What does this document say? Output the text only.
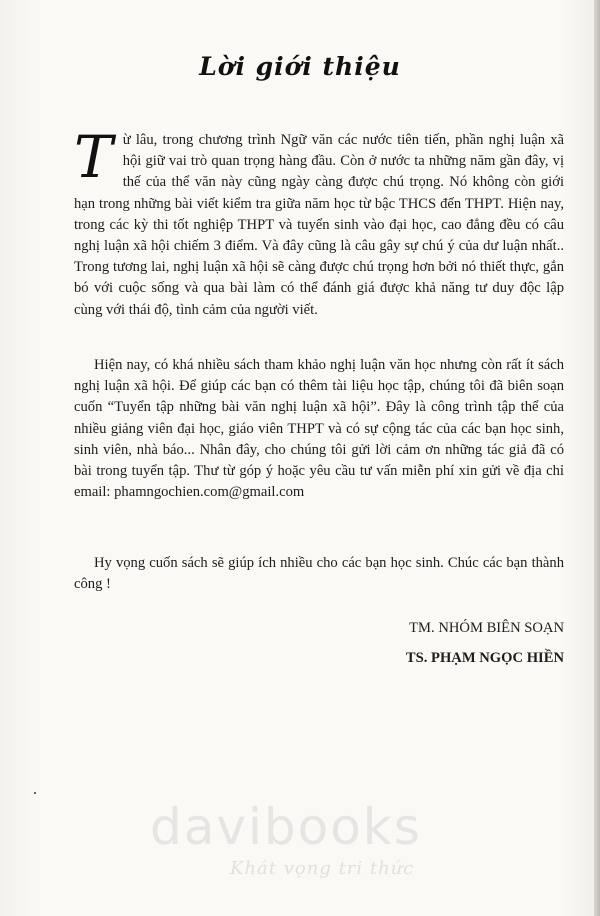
Lời giới thiệu

Từ lâu, trong chương trình Ngữ văn các nước tiên tiến, phần nghị luận xã hội giữ vai trò quan trọng hàng đầu. Còn ở nước ta những năm gần đây, vị thế của thể văn này cũng ngày càng được chú trọng. Nó không còn giới hạn trong những bài viết kiểm tra giữa năm học từ bậc THCS đến THPT. Hiện nay, trong các kỳ thi tốt nghiệp THPT và tuyển sinh vào đại học, cao đẳng đều có câu nghị luận xã hội chiếm 3 điểm. Và đây cũng là câu gây sự chú ý của dư luận nhất.. Trong tương lai, nghị luận xã hội sẽ càng được chú trọng hơn bởi nó thiết thực, gắn bó với cuộc sống và qua bài làm có thể đánh giá được khả năng tư duy độc lập cùng với thái độ, tình cảm của người viết.

Hiện nay, có khá nhiều sách tham khảo nghị luận văn học nhưng còn rất ít sách nghị luận xã hội. Để giúp các bạn có thêm tài liệu học tập, chúng tôi đã biên soạn cuốn “Tuyển tập những bài văn nghị luận xã hội”. Đây là công trình tập thể của nhiều giảng viên đại học, giáo viên THPT và có sự cộng tác của các bạn học sinh, sinh viên, nhà báo... Nhân đây, cho chúng tôi gửi lời cảm ơn những tác giả đã có bài trong tuyển tập. Thư từ góp ý hoặc yêu cầu tư vấn miễn phí xin gửi về địa chỉ email: phamngochien.com@gmail.com

Hy vọng cuốn sách sẽ giúp ích nhiều cho các bạn học sinh. Chúc các bạn thành công !

TM. NHÓM BIÊN SOẠN
TS. PHẠM NGỌC HIỀN
davibooks
Khát vọng tri thức
